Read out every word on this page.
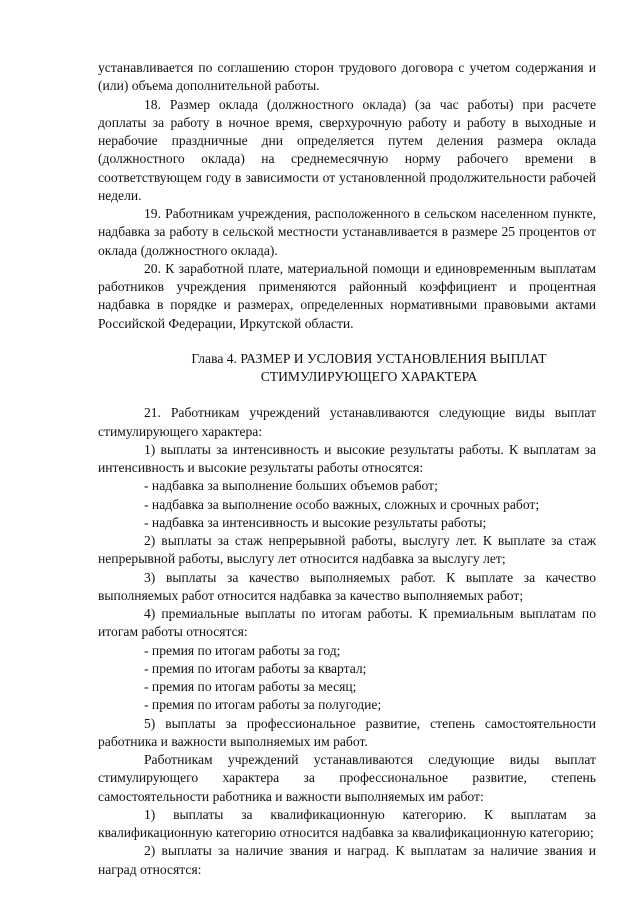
устанавливается по соглашению сторон трудового договора с учетом содержания и (или) объема дополнительной работы.

18. Размер оклада (должностного оклада) (за час работы) при расчете доплаты за работу в ночное время, сверхурочную работу и работу в выходные и нерабочие праздничные дни определяется путем деления размера оклада (должностного оклада) на среднемесячную норму рабочего времени в соответствующем году в зависимости от установленной продолжительности рабочей недели.

19. Работникам учреждения, расположенного в сельском населенном пункте, надбавка за работу в сельской местности устанавливается в размере 25 процентов от оклада (должностного оклада).

20. К заработной плате, материальной помощи и единовременным выплатам работников учреждения применяются районный коэффициент и процентная надбавка в порядке и размерах, определенных нормативными правовыми актами Российской Федерации, Иркутской области.

Глава 4. РАЗМЕР И УСЛОВИЯ УСТАНОВЛЕНИЯ ВЫПЛАТ

СТИМУЛИРУЮЩЕГО ХАРАКТЕРА

21. Работникам учреждений устанавливаются следующие виды выплат стимулирующего характера:

1) выплаты за интенсивность и высокие результаты работы. К выплатам за интенсивность и высокие результаты работы относятся:

- надбавка за выполнение больших объемов работ;

- надбавка за выполнение особо важных, сложных и срочных работ;

- надбавка за интенсивность и высокие результаты работы;

2) выплаты за стаж непрерывной работы, выслугу лет. К выплате за стаж непрерывной работы, выслугу лет относится надбавка за выслугу лет;

3) выплаты за качество выполняемых работ. К выплате за качество выполняемых работ относится надбавка за качество выполняемых работ;

4) премиальные выплаты по итогам работы. К премиальным выплатам по итогам работы относятся:

- премия по итогам работы за год;

- премия по итогам работы за квартал;

- премия по итогам работы за месяц;

- премия по итогам работы за полугодие;

5) выплаты за профессиональное развитие, степень самостоятельности работника и важности выполняемых им работ.

Работникам учреждений устанавливаются следующие виды выплат стимулирующего характера за профессиональное развитие, степень самостоятельности работника и важности выполняемых им работ:

1) выплаты за квалификационную категорию. К выплатам за квалификационную категорию относится надбавка за квалификационную категорию;

2) выплаты за наличие звания и наград. К выплатам за наличие звания и наград относятся:
